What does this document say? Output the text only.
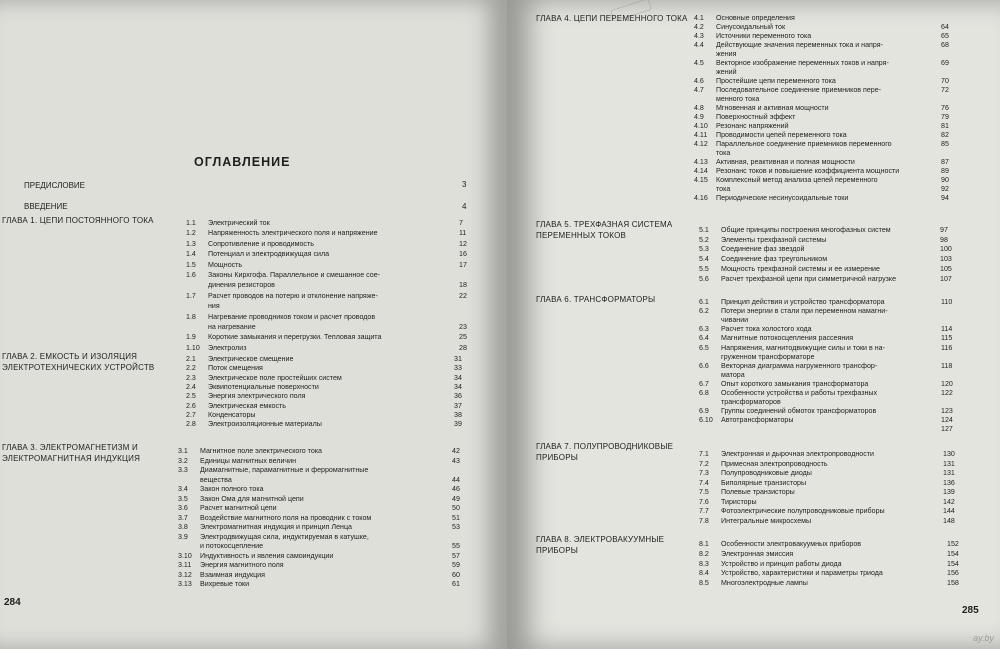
ОГЛАВЛЕНИЕ
ПРЕДИСЛОВИЕ	3
ВВЕДЕНИЕ	4
ГЛАВА 1. ЦЕПИ ПОСТОЯННОГО ТОКА	1.1 Электрический ток	7
1.2 Напряженность электрического поля и напряжение	11
1.3 Сопротивление и проводимость	12
1.4 Потенциал и электродвижущая сила	16
1.5 Мощность	17
1.6 Законы Кирхгофа. Параллельное и смешанное сое-
динения резисторов	18
1.7 Расчет проводов на потерю и отклонение напряже-	22
ния
1.8 Нагревание проводников током и расчет проводов
на нагревание	23
1.9 Короткие замыкания и перегрузки. Тепловая защита	25
1.10 Электролиз	28
ГЛАВА 2. ЕМКОСТЬ И ИЗОЛЯЦИЯ ЭЛЕКТРОТЕХНИЧЕСКИХ УСТРОЙСТВ
2.1 Электрическое смещение	31
2.2 Поток смещения	33
2.3 Электрическое поле простейших систем	34
2.4 Эквипотенциальные поверхности	34
2.5 Энергия электрического поля	36
2.6 Электрическая емкость	37
2.7 Конденсаторы	38
2.8 Электроизоляционные материалы	39
ГЛАВА 3. ЭЛЕКТРОМАГНЕТИЗМ И ЭЛЕКТРОМАГНИТНАЯ ИНДУКЦИЯ
3.1 Магнитное поле электрического тока	42
3.2 Единицы магнитных величин	43
3.3 Диамагнитные, парамагнитные и ферромагнитные
вещества	44
3.4 Закон полного тока	46
3.5 Закон Ома для магнитной цепи	49
3.6 Расчет магнитной цепи	50
3.7 Воздействие магнитного поля на проводник с током	51
3.8 Электромагнитная индукция и принцип Ленца	53
3.9 Электродвижущая сила, индуктируемая в катушке,
и потокосцепление	55
3.10 Индуктивность и явления самоиндукции	57
3.11 Энергия магнитного поля	59
3.12 Взаимная индукция	60
3.13 Вихревые токи	61
284
ГЛАВА 4. ЦЕПИ ПЕРЕМЕННОГО ТОКА 4.1 Основные определения
4.2 Синусоидальный ток	64
4.3 Источники переменного тока	65
4.4 Действующие значения переменных тока и напря-	68
жения
4.5 Векторное изображение переменных токов и напря-	69
жений
4.6 Простейшие цепи переменного тока	70
4.7 Последовательное соединение приемников пере-	72
менного тока
4.8 Мгновенная и активная мощности	76
4.9 Поверхностный эффект	79
4.10 Резонанс напряжений	81
4.11 Проводимости цепей переменного тока	82
4.12 Параллельное соединение приемников переменного	85
тока
4.13 Активная, реактивная и полная мощности	87
4.14 Резонанс токов и повышение коэффициента мощности	89
4.15 Комплексный метод анализа цепей переменного	90
тока	92
4.16 Периодические несинусоидальные токи	94
ГЛАВА 5. ТРЕХФАЗНАЯ СИСТЕМА ПЕРЕМЕННЫХ ТОКОВ
5.1 Общие принципы построения многофазных систем	97
5.2 Элементы трехфазной системы	98
5.3 Соединение фаз звездой	100
5.4 Соединение фаз треугольником	103
5.5 Мощность трехфазной системы и ее измерение	105
5.6 Расчет трехфазной цепи при симметричной нагрузке	107
ГЛАВА 6. ТРАНСФОРМАТОРЫ	6.1 Принцип действия и устройство трансформатора	110
6.2 Потери энергии в стали при переменном намагни-
чивании
6.3 Расчет тока холостого хода	114
6.4 Магнитные потокосцепления рассеяния	115
6.5 Напряжения, магнитодвижущие силы и токи в на-	116
груженном трансформаторе
6.6 Векторная диаграмма нагруженного трансфор-	118
матора
6.7 Опыт короткого замыкания трансформатора	120
6.8 Особенности устройства и работы трехфазных	122
трансформаторов
6.9 Группы соединений обмоток трансформаторов	123
6.10 Автотрансформаторы	124
127
ГЛАВА 7. ПОЛУПРОВОДНИКОВЫЕ ПРИБОРЫ	7.1 Электронная и дырочная электропроводности	130
7.2 Примесная электропроводность	131
7.3 Полупроводниковые диоды	131
7.4 Биполярные транзисторы	136
7.5 Полевые транзисторы	139
7.6 Тиристоры	142
7.7 Фотоэлектрические полупроводниковые приборы	144
7.8 Интегральные микросхемы	148
ГЛАВА 8. ЭЛЕКТРОВАКУУМНЫЕ ПРИБОРЫ
8.1 Особенности электровакуумных приборов	152
8.2 Электронная эмиссия	154
8.3 Устройство и принцип работы диода	154
8.4 Устройство, характеристики и параметры триода	156
8.5 Многоэлектродные лампы	158
285
ay.by
